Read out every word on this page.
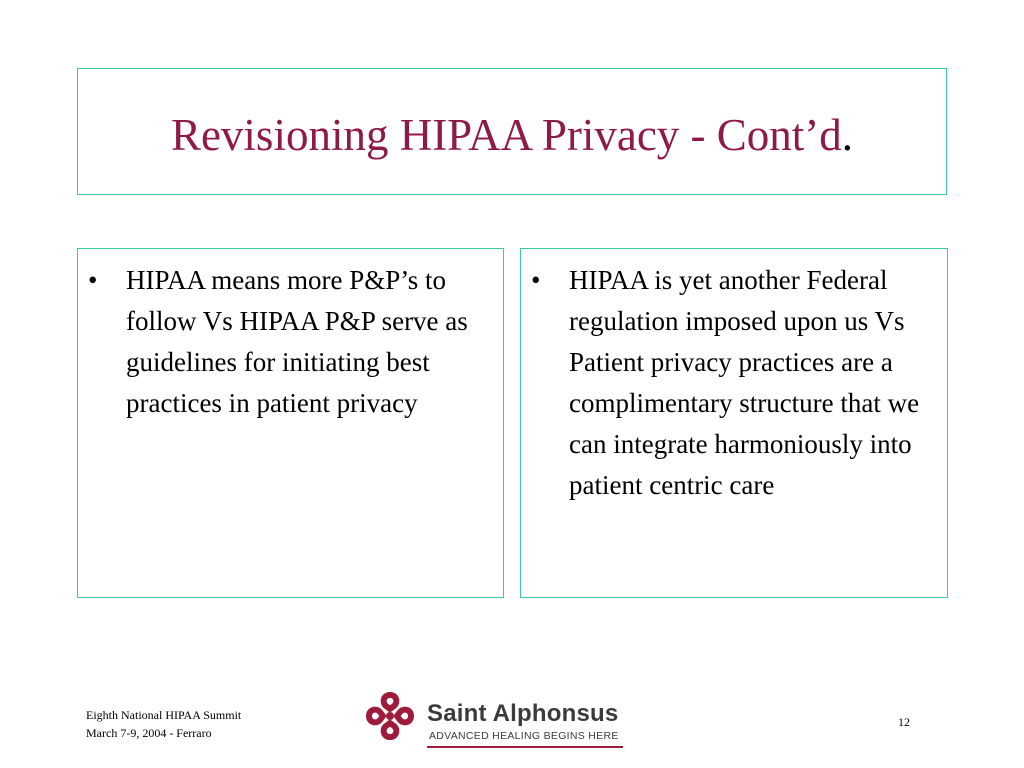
Revisioning HIPAA Privacy - Cont’d.
•	HIPAA means more P&P’s to follow Vs HIPAA P&P serve as guidelines for initiating best practices in patient privacy
•	HIPAA is yet another Federal regulation imposed upon us Vs Patient privacy practices are a complimentary structure that we can integrate harmoniously into patient centric care
Eighth National HIPAA Summit
March 7-9, 2004 - Ferraro
Saint Alphonsus
ADVANCED HEALING BEGINS HERE
12
